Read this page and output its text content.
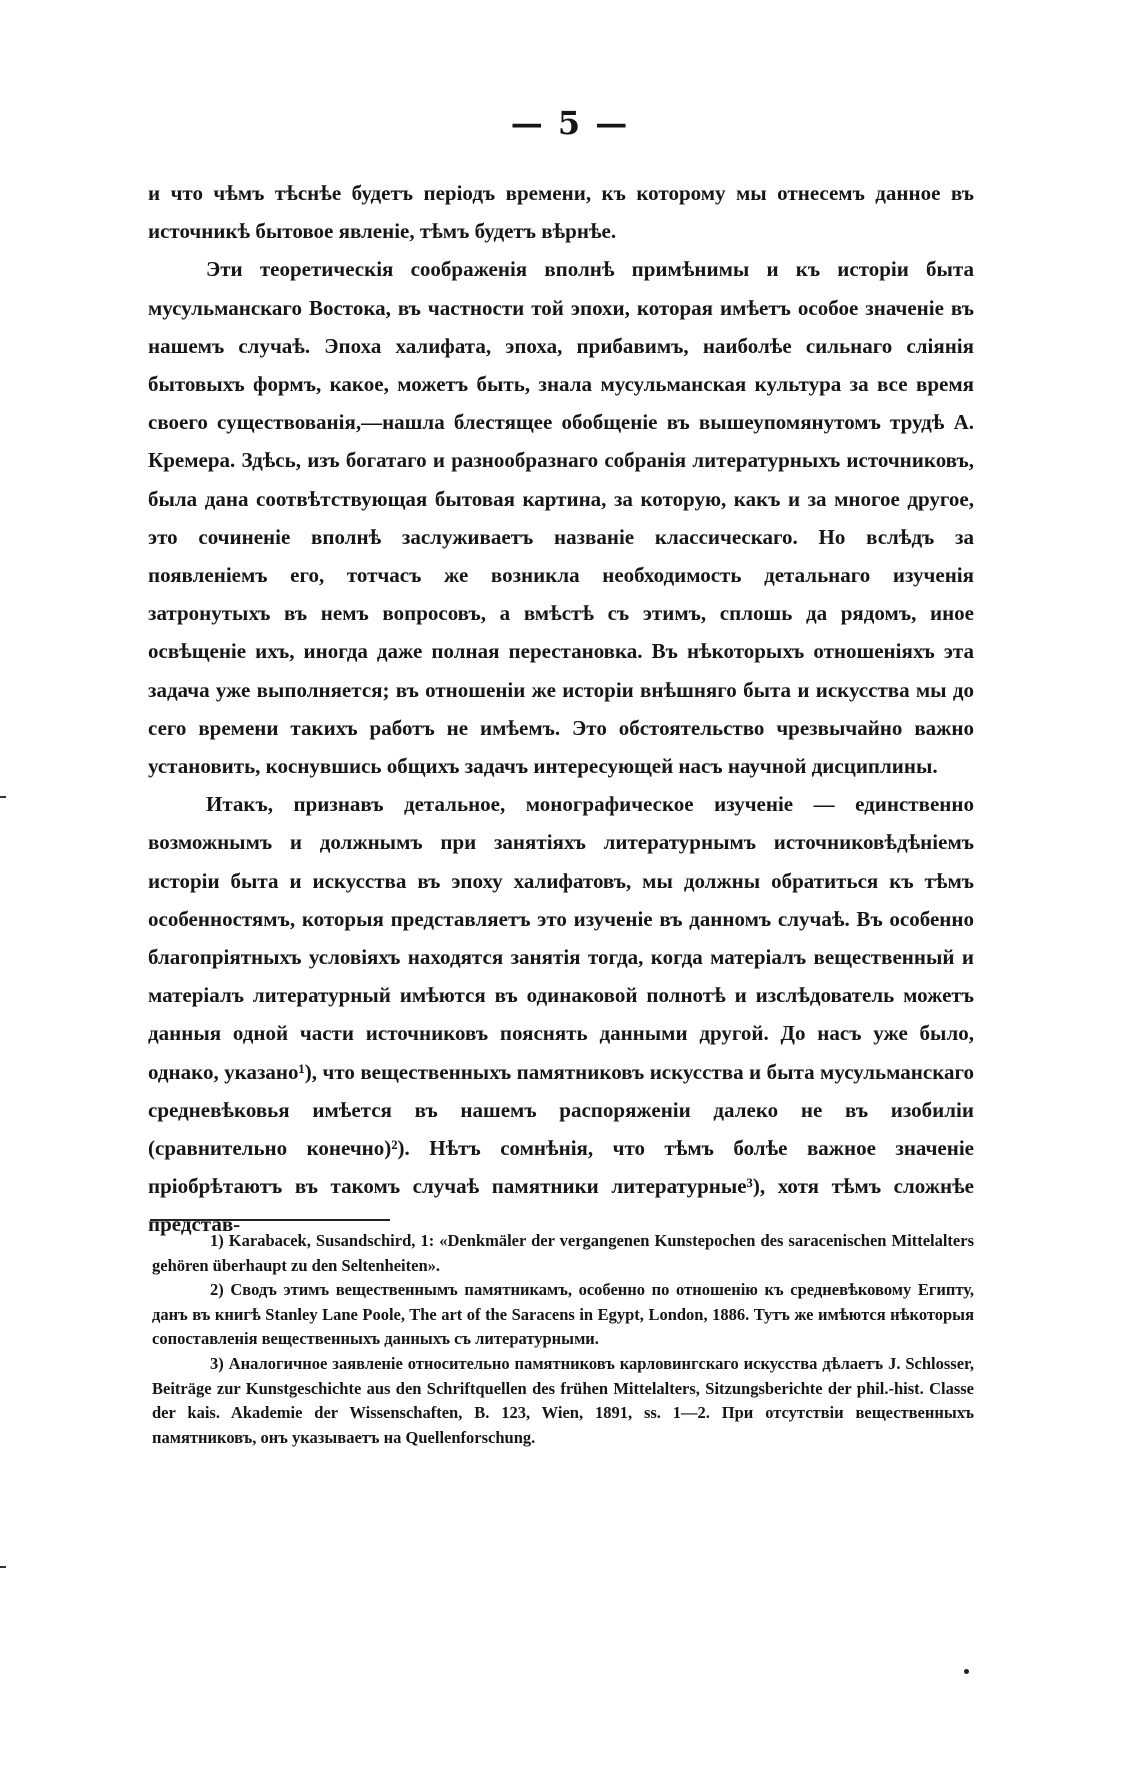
— 5 —

и что чѣмъ тѣснѣе будетъ періодъ времени, къ которому мы отнесемъ данное въ источникѣ бытовое явленіе, тѣмъ будетъ вѣрнѣе.

Эти теоретическія соображенія вполнѣ примѣнимы и къ исторіи быта мусульманскаго Востока, въ частности той эпохи, которая имѣетъ особое значеніе въ нашемъ случаѣ. Эпоха халифата, эпоха, прибавимъ, наиболѣе сильнаго сліянія бытовыхъ формъ, какое, можетъ быть, знала мусульманская культура за все время своего существованія,—нашла блестящее обобщеніе въ вышеупомянутомъ трудѣ А. Кремера. Здѣсь, изъ богатаго и разнообразнаго собранія литературныхъ источниковъ, была дана соотвѣтствующая бытовая картина, за которую, какъ и за многое другое, это сочиненіе вполнѣ заслуживаетъ названіе классическаго. Но вслѣдъ за появленіемъ его, тотчасъ же возникла необходимость детальнаго изученія затронутыхъ въ немъ вопросовъ, а вмѣстѣ съ этимъ, сплошь да рядомъ, иное освѣщеніе ихъ, иногда даже полная перестановка. Въ нѣкоторыхъ отношеніяхъ эта задача уже выполняется; въ отношеніи же исторіи внѣшняго быта и искусства мы до сего времени такихъ работъ не имѣемъ. Это обстоятельство чрезвычайно важно установить, коснувшись общихъ задачъ интересующей насъ научной дисциплины.

Итакъ, признавъ детальное, монографическое изученіе — единственно возможнымъ и должнымъ при занятіяхъ литературнымъ источниковѣдѣніемъ исторіи быта и искусства въ эпоху халифатовъ, мы должны обратиться къ тѣмъ особенностямъ, которыя представляетъ это изученіе въ данномъ случаѣ. Въ особенно благопріятныхъ условіяхъ находятся занятія тогда, когда матеріалъ вещественный и матеріалъ литературный имѣются въ одинаковой полнотѣ и изслѣдователь можетъ данныя одной части источниковъ пояснять данными другой. До насъ уже было, однако, указано¹), что вещественныхъ памятниковъ искусства и быта мусульманскаго средневѣковья имѣется въ нашемъ распоряженіи далеко не въ изобиліи (сравнительно конечно)²). Нѣтъ сомнѣнія, что тѣмъ болѣе важное значеніе пріобрѣтаютъ въ такомъ случаѣ памятники литературные³), хотя тѣмъ сложнѣе представ-

1) Karabacek, Susandschird, 1: «Denkmäler der vergangenen Kunstepochen des saracenischen Mittelalters gehören überhaupt zu den Seltenheiten».

2) Сводъ этимъ вещественнымъ памятникамъ, особенно по отношенію къ средневѣковому Египту, данъ въ книгѣ Stanley Lane Poole, The art of the Saracens in Egypt, London, 1886. Тутъ же имѣются нѣкоторыя сопоставленія вещественныхъ данныхъ съ литературными.

3) Аналогичное заявленіе относительно памятниковъ карловингскаго искусства дѣлаетъ J. Schlosser, Beiträge zur Kunstgeschichte aus den Schriftquellen des frühen Mittelalters, Sitzungsberichte der phil.-hist. Classe der kais. Akademie der Wissenschaften, B. 123, Wien, 1891, ss. 1—2. При отсутствіи вещественныхъ памятниковъ, онъ указываетъ на Quellenforschung.
